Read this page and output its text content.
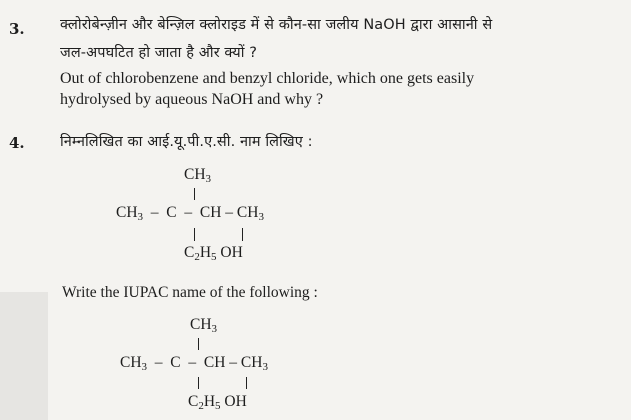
3. क्लोरोबेन्ज़ीन और बेन्ज़िल क्लोराइड में से कौन-सा जलीय NaOH द्वारा आसानी से
जल-अपघटित हो जाता है और क्यों ?
Out of chlorobenzene and benzyl chloride, which one gets easily
hydrolysed by aqueous NaOH and why ?
4. निम्नलिखित का आई.यू.पी.ए.सी. नाम लिखिए :
$CH_3$
$CH_3$  –  C  –  CH – $CH_3$
$C_2H_5$ OH
Write the IUPAC name of the following :
$CH_3$
$CH_3$  –  C  –  CH – $CH_3$
$C_2H_5$ OH
